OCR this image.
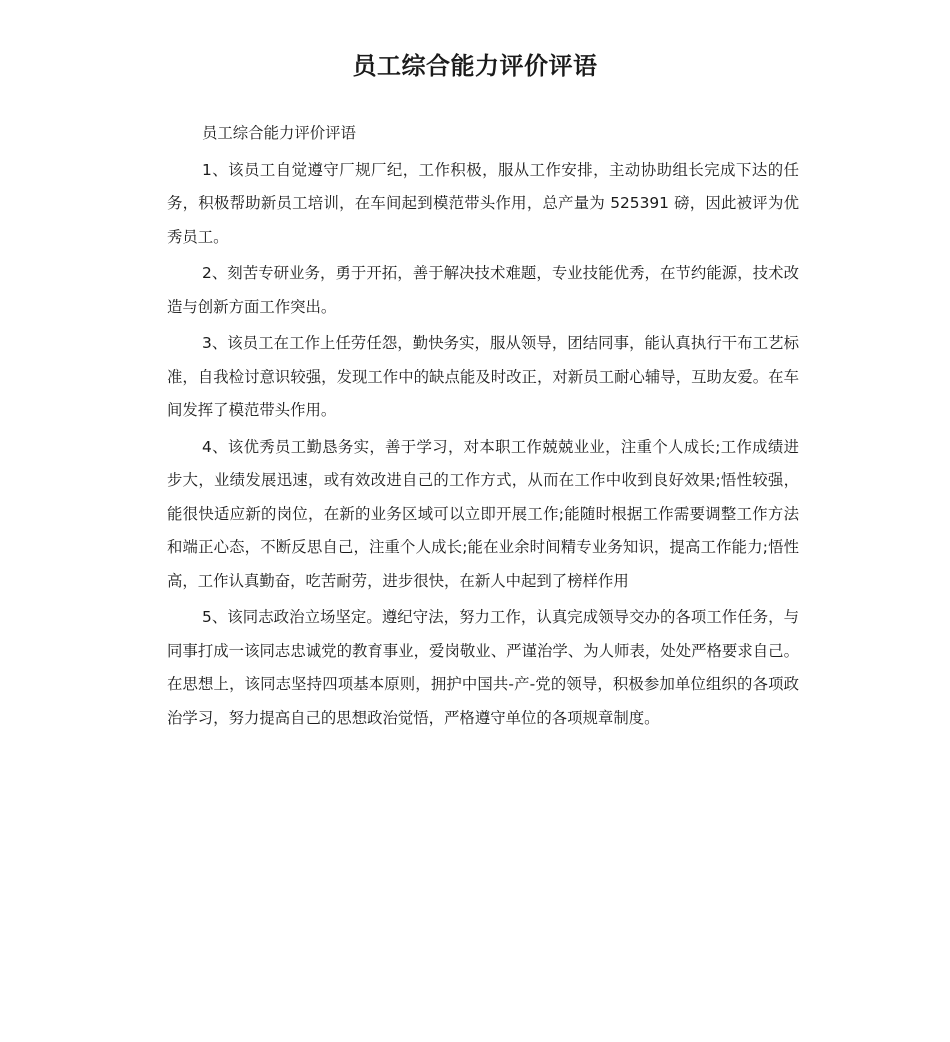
员工综合能力评价评语

员工综合能力评价评语

1、该员工自觉遵守厂规厂纪，工作积极，服从工作安排，主动协助组长完成下达的任务，积极帮助新员工培训，在车间起到模范带头作用，总产量为 525391 磅，因此被评为优秀员工。

2、刻苦专研业务，勇于开拓，善于解决技术难题，专业技能优秀，在节约能源，技术改造与创新方面工作突出。

3、该员工在工作上任劳任怨，勤快务实，服从领导，团结同事，能认真执行干布工艺标准，自我检讨意识较强，发现工作中的缺点能及时改正，对新员工耐心辅导，互助友爱。在车间发挥了模范带头作用。

4、该优秀员工勤恳务实，善于学习，对本职工作兢兢业业，注重个人成长;工作成绩进步大，业绩发展迅速，或有效改进自己的工作方式，从而在工作中收到良好效果;悟性较强，能很快适应新的岗位，在新的业务区域可以立即开展工作;能随时根据工作需要调整工作方法和端正心态，不断反思自己，注重个人成长;能在业余时间精专业务知识，提高工作能力;悟性高，工作认真勤奋，吃苦耐劳，进步很快，在新人中起到了榜样作用

5、该同志政治立场坚定。遵纪守法，努力工作，认真完成领导交办的各项工作任务，与同事打成一该同志忠诚党的教育事业，爱岗敬业、严谨治学、为人师表，处处严格要求自己。在思想上，该同志坚持四项基本原则，拥护中国共-产-党的领导，积极参加单位组织的各项政治学习，努力提高自己的思想政治觉悟，严格遵守单位的各项规章制度。
